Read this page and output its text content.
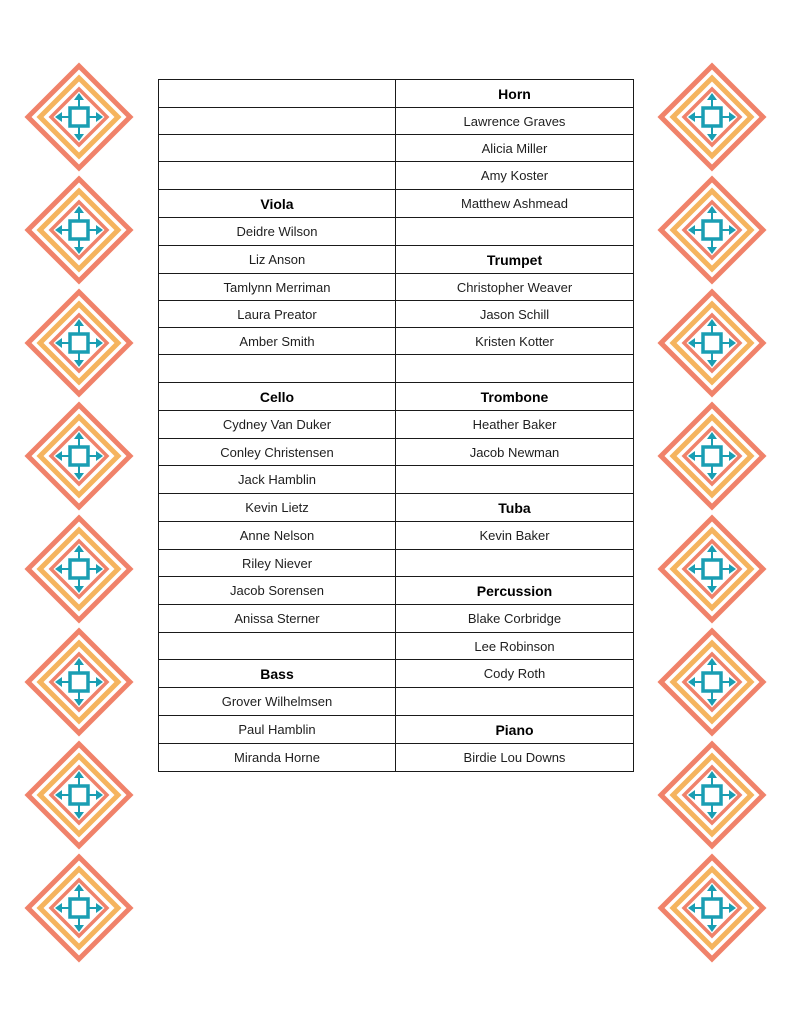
	Horn
	Lawrence Graves
	Alicia Miller
	Amy Koster
Viola	Matthew Ashmead
Deidre Wilson	
Liz Anson	Trumpet
Tamlynn Merriman	Christopher Weaver
Laura Preator	Jason Schill
Amber Smith	Kristen Kotter

Cello	Trombone
Cydney Van Duker	Heather Baker
Conley Christensen	Jacob Newman
Jack Hamblin	
Kevin Lietz	Tuba
Anne Nelson	Kevin Baker
Riley Niever	
Jacob Sorensen	Percussion
Anissa Sterner	Blake Corbridge
	Lee Robinson
Bass	Cody Roth
Grover Wilhelmsen	
Paul Hamblin	Piano
Miranda Horne	Birdie Lou Downs
